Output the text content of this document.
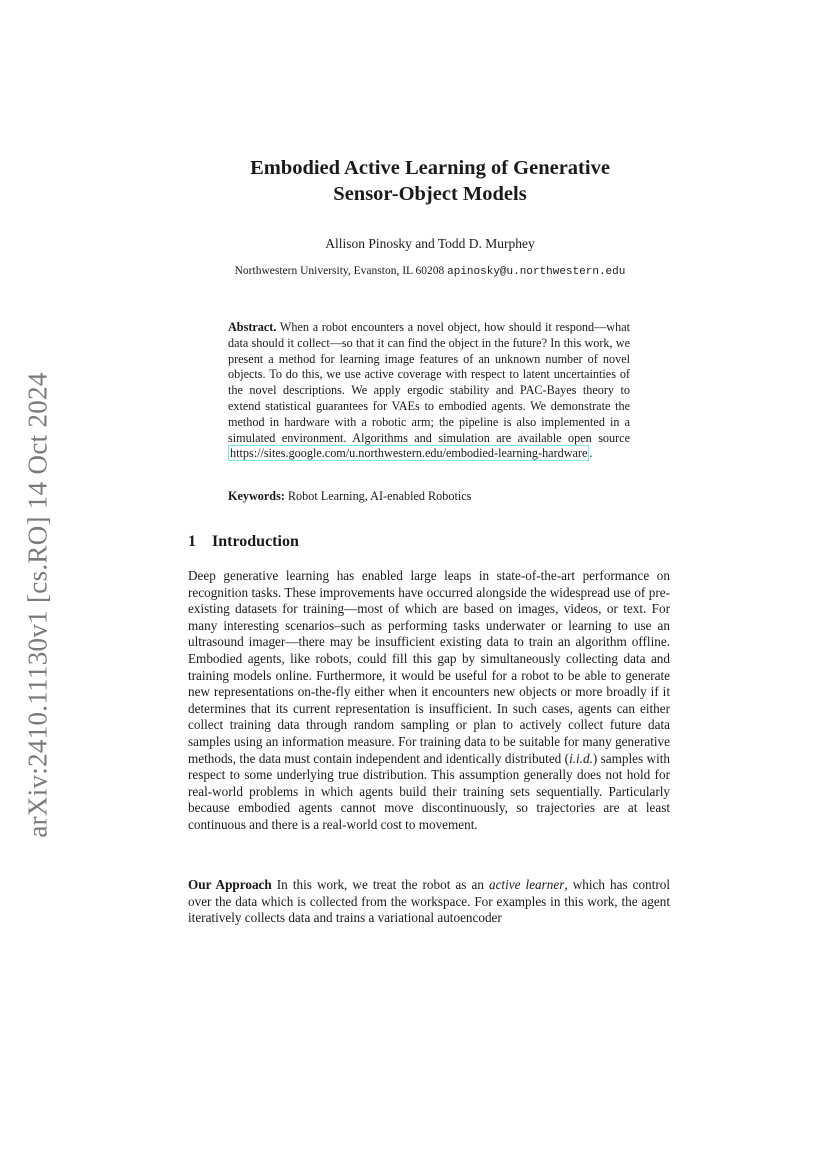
arXiv:2410.11130v1 [cs.RO] 14 Oct 2024
Embodied Active Learning of Generative
Sensor-Object Models
Allison Pinosky and Todd D. Murphey
Northwestern University, Evanston, IL 60208 apinosky@u.northwestern.edu
Abstract. When a robot encounters a novel object, how should it respond—what data should it collect—so that it can find the object in the future? In this work, we present a method for learning image features of an unknown number of novel objects. To do this, we use active coverage with respect to latent uncertainties of the novel descriptions. We apply ergodic stability and PAC-Bayes theory to extend statistical guarantees for VAEs to embodied agents. We demonstrate the method in hardware with a robotic arm; the pipeline is also implemented in a simulated environment. Algorithms and simulation are available open source https://sites.google.com/u.northwestern.edu/embodied-learning-hardware .
Keywords: Robot Learning, AI-enabled Robotics
1 Introduction
Deep generative learning has enabled large leaps in state-of-the-art performance on recognition tasks. These improvements have occurred alongside the widespread use of pre-existing datasets for training—most of which are based on images, videos, or text. For many interesting scenarios–such as performing tasks underwater or learning to use an ultrasound imager—there may be insufficient existing data to train an algorithm offline. Embodied agents, like robots, could fill this gap by simultaneously collecting data and training models online. Furthermore, it would be useful for a robot to be able to generate new representations on-the-fly either when it encounters new objects or more broadly if it determines that its current representation is insufficient. In such cases, agents can either collect training data through random sampling or plan to actively collect future data samples using an information measure. For training data to be suitable for many generative methods, the data must contain independent and identically distributed (i.i.d.) samples with respect to some underlying true distribution. This assumption generally does not hold for real-world problems in which agents build their training sets sequentially. Particularly because embodied agents cannot move discontinuously, so trajectories are at least continuous and there is a real-world cost to movement.
Our Approach In this work, we treat the robot as an active learner, which has control over the data which is collected from the workspace. For examples in this work, the agent iteratively collects data and trains a variational autoencoder
